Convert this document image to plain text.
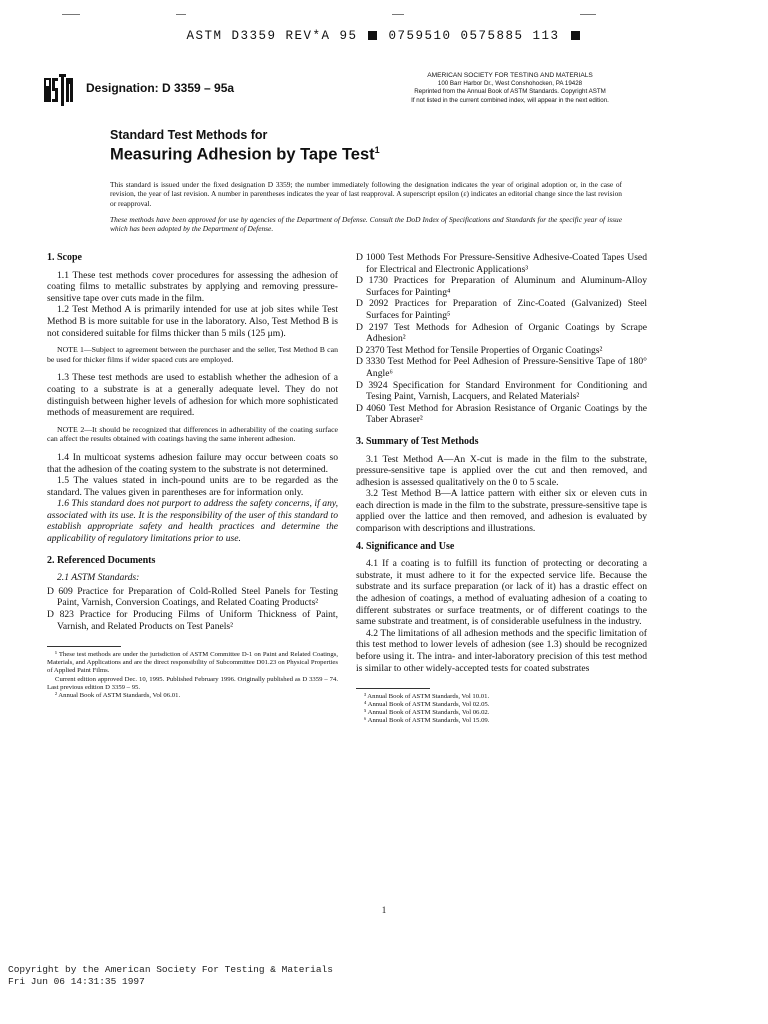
ASTM D3359 REV*A 95 0759510 0575885 113
Designation: D 3359 – 95a
AMERICAN SOCIETY FOR TESTING AND MATERIALS
100 Barr Harbor Dr., West Conshohocken, PA 19428
Reprinted from the Annual Book of ASTM Standards. Copyright ASTM
If not listed in the current combined index, will appear in the next edition.
Standard Test Methods for
Measuring Adhesion by Tape Test$^1$
This standard is issued under the fixed designation D 3359; the number immediately following the designation indicates the year of original adoption or, in the case of revision, the year of last revision. A number in parentheses indicates the year of last reapproval. A superscript epsilon (ε) indicates an editorial change since the last revision or reapproval.
These methods have been approved for use by agencies of the Department of Defense. Consult the DoD Index of Specifications and Standards for the specific year of issue which has been adopted by the Department of Defense.
1. Scope

1.1 These test methods cover procedures for assessing the adhesion of coating films to metallic substrates by applying and removing pressure-sensitive tape over cuts made in the film.

1.2 Test Method A is primarily intended for use at job sites while Test Method B is more suitable for use in the laboratory. Also, Test Method B is not considered suitable for films thicker than 5 mils (125 μm).

NOTE 1—Subject to agreement between the purchaser and the seller, Test Method B can be used for thicker films if wider spaced cuts are employed.

1.3 These test methods are used to establish whether the adhesion of a coating to a substrate is at a generally adequate level. They do not distinguish between higher levels of adhesion for which more sophisticated methods of measurement are required.

NOTE 2—It should be recognized that differences in adherability of the coating surface can affect the results obtained with coatings having the same inherent adhesion.

1.4 In multicoat systems adhesion failure may occur between coats so that the adhesion of the coating system to the substrate is not determined.

1.5 The values stated in inch-pound units are to be regarded as the standard. The values given in parentheses are for information only.

1.6 This standard does not purport to address the safety concerns, if any, associated with its use. It is the responsibility of the user of this standard to establish appropriate safety and health practices and determine the applicability of regulatory limitations prior to use.

2. Referenced Documents

2.1 ASTM Standards:

D 609 Practice for Preparation of Cold-Rolled Steel Panels for Testing Paint, Varnish, Conversion Coatings, and Related Coating Products²

D 823 Practice for Producing Films of Uniform Thickness of Paint, Varnish, and Related Products on Test Panels²

¹ These test methods are under the jurisdiction of ASTM Committee D-1 on Paint and Related Coatings, Materials, and Applications and are the direct responsibility of Subcommittee D01.23 on Physical Properties of Applied Paint Films.

Current edition approved Dec. 10, 1995. Published February 1996. Originally published as D 3359 – 74. Last previous edition D 3359 – 95.

² Annual Book of ASTM Standards, Vol 06.01.

D 1000 Test Methods For Pressure-Sensitive Adhesive-Coated Tapes Used for Electrical and Electronic Applications³

D 1730 Practices for Preparation of Aluminum and Aluminum-Alloy Surfaces for Painting⁴

D 2092 Practices for Preparation of Zinc-Coated (Galvanized) Steel Surfaces for Painting⁵

D 2197 Test Methods for Adhesion of Organic Coatings by Scrape Adhesion²

D 2370 Test Method for Tensile Properties of Organic Coatings²

D 3330 Test Method for Peel Adhesion of Pressure-Sensitive Tape of 180° Angle⁶

D 3924 Specification for Standard Environment for Conditioning and Tesing Paint, Varnish, Lacquers, and Related Materials²

D 4060 Test Method for Abrasion Resistance of Organic Coatings by the Taber Abraser²

3. Summary of Test Methods

3.1 Test Method A—An X-cut is made in the film to the substrate, pressure-sensitive tape is applied over the cut and then removed, and adhesion is assessed qualitatively on the 0 to 5 scale.

3.2 Test Method B—A lattice pattern with either six or eleven cuts in each direction is made in the film to the substrate, pressure-sensitive tape is applied over the lattice and then removed, and adhesion is evaluated by comparison with descriptions and illustrations.

4. Significance and Use

4.1 If a coating is to fulfill its function of protecting or decorating a substrate, it must adhere to it for the expected service life. Because the substrate and its surface preparation (or lack of it) has a drastic effect on the adhesion of coatings, a method of evaluating adhesion of a coating to different substrates or surface treatments, or of different coatings to the same substrate and treatment, is of considerable usefulness in the industry.

4.2 The limitations of all adhesion methods and the specific limitation of this test method to lower levels of adhesion (see 1.3) should be recognized before using it. The intra- and inter-laboratory precision of this test method is similar to other widely-accepted tests for coated substrates

³ Annual Book of ASTM Standards, Vol 10.01.

⁴ Annual Book of ASTM Standards, Vol 02.05.

⁵ Annual Book of ASTM Standards, Vol 06.02.

⁶ Annual Book of ASTM Standards, Vol 15.09.

1
Copyright by the American Society For Testing & Materials
Fri Jun 06 14:31:35 1997
